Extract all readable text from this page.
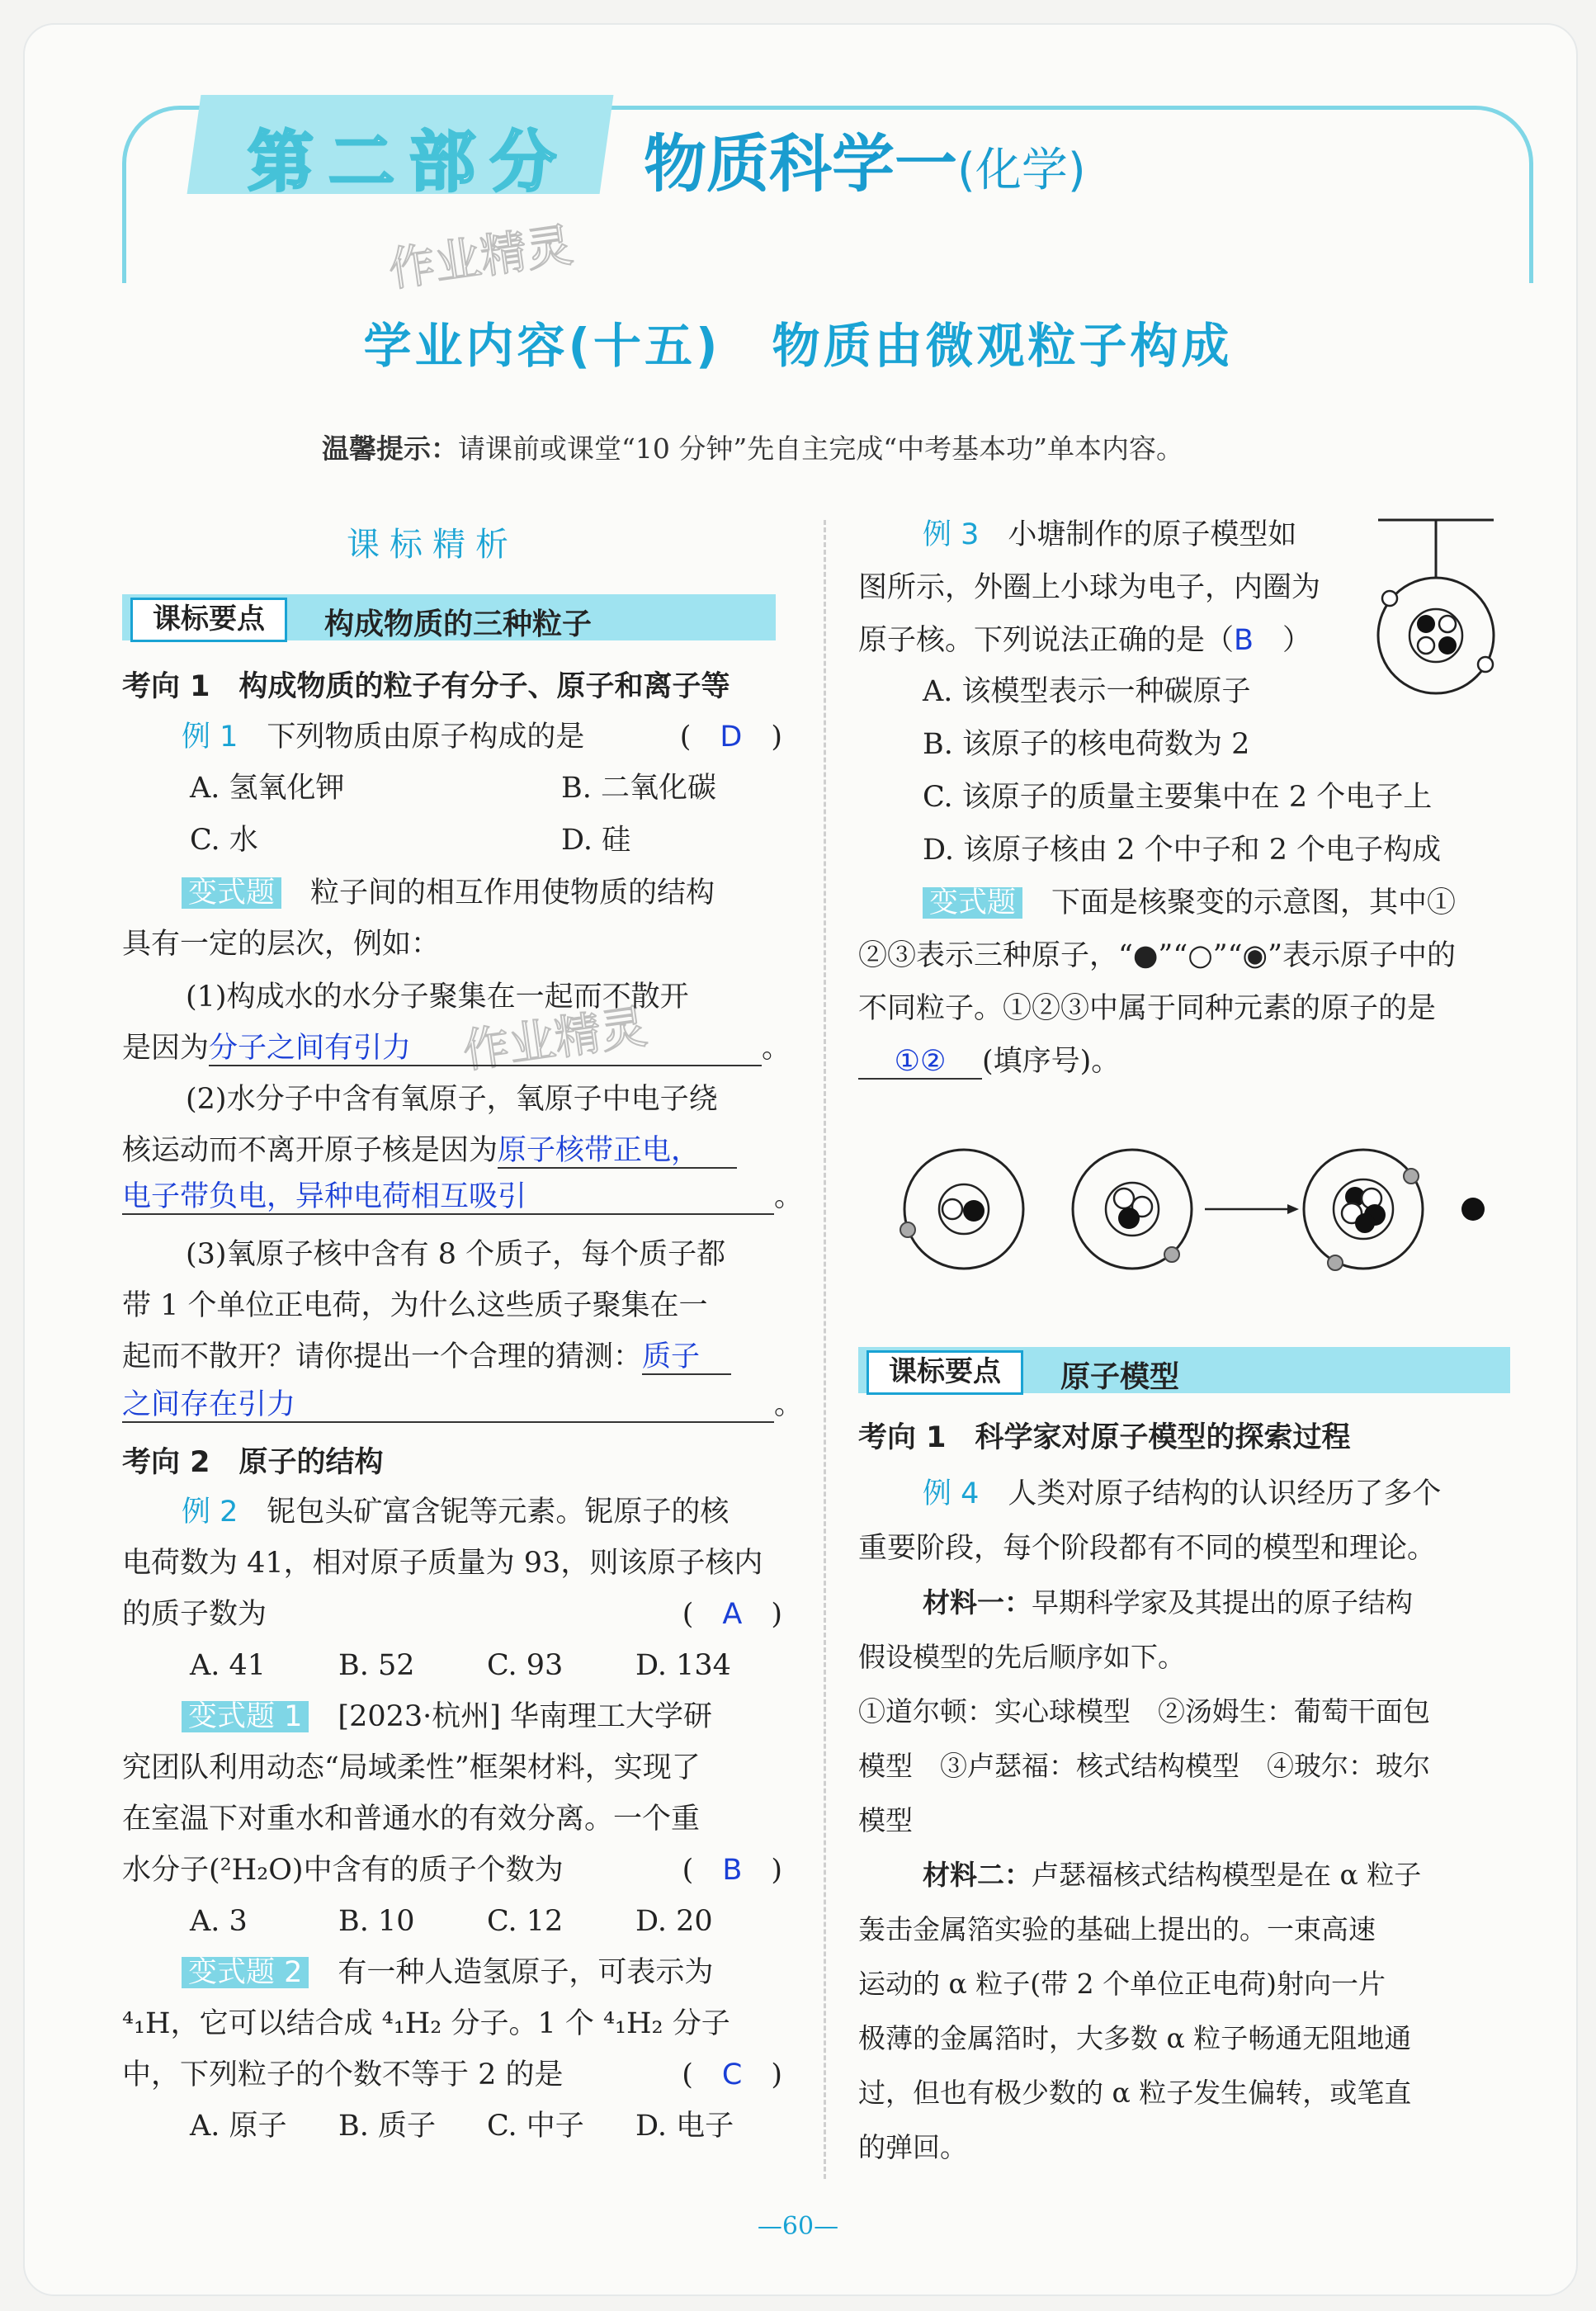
第二部分 物质科学一(化学)
作业精灵
作业精灵
学业内容(十五)　物质由微观粒子构成
温馨提示：请课前或课堂“10 分钟”先自主完成“中考基本功”单本内容。
课标精析
课标要点	构成物质的三种粒子
考向 1　构成物质的粒子有分子、原子和离子等
例 1　 下列物质由原子构成的是	(　D　)
A. 氢氧化钾	B. 二氧化碳
C. 水	D. 硅
变式题　 粒子间的相互作用使物质的结构
具有一定的层次，例如：
(1)构成水的水分子聚集在一起而不散开
是因为分子之间有引力	。
(2)水分子中含有氧原子，氧原子中电子绕
核运动而不离开原子核是因为原子核带正电，
电子带负电，异种电荷相互吸引	。
(3)氧原子核中含有 8 个质子，每个质子都
带 1 个单位正电荷，为什么这些质子聚集在一
起而不散开？请你提出一个合理的猜测：质子
之间存在引力	。
考向 2　原子的结构
例 2　 铌包头矿富含铌等元素。铌原子的核
电荷数为 41，相对原子质量为 93，则该原子核内
的质子数为	(　A　)
A. 41	B. 52 C. 93	D. 134
变式题 1　 [2023·杭州] 华南理工大学研
究团队利用动态“局域柔性”框架材料，实现了
在室温下对重水和普通水的有效分离。一个重
水分子(²H₂O)中含有的质子个数为	(　B　)
A. 3	B. 10 C. 12	D. 20
变式题 2　 有一种人造氢原子，可表示为
⁴₁H，它可以结合成 ⁴₁H₂ 分子。1 个 ⁴₁H₂ 分子
中，下列粒子的个数不等于 2 的是	(　C　)
A. 原子 B. 质子 C. 中子 D. 电子
例 3　 小塘制作的原子模型如
图所示，外圈上小球为电子，内圈为
原子核。下列说法正确的是（B　 ）
A. 该模型表示一种碳原子
B. 该原子的核电荷数为 2
C. 该原子的质量主要集中在 2 个电子上
D. 该原子核由 2 个中子和 2 个电子构成
变式题　 下面是核聚变的示意图，其中①
②③表示三种原子，“●”“○”“◉”表示原子中的
不同粒子。①②③中属于同种元素的原子的是
①② (填序号)。
课标要点	原子模型
考向 1　科学家对原子模型的探索过程
例 4　 人类对原子结构的认识经历了多个
重要阶段，每个阶段都有不同的模型和理论。
材料一：早期科学家及其提出的原子结构
假设模型的先后顺序如下。
①道尔顿：实心球模型　②汤姆生：葡萄干面包
模型　③卢瑟福：核式结构模型　④玻尔：玻尔
模型
材料二：卢瑟福核式结构模型是在 α 粒子
轰击金属箔实验的基础上提出的。一束高速
运动的 α 粒子(带 2 个单位正电荷)射向一片
极薄的金属箔时，大多数 α 粒子畅通无阻地通
过，但也有极少数的 α 粒子发生偏转，或笔直
的弹回。
—60—
